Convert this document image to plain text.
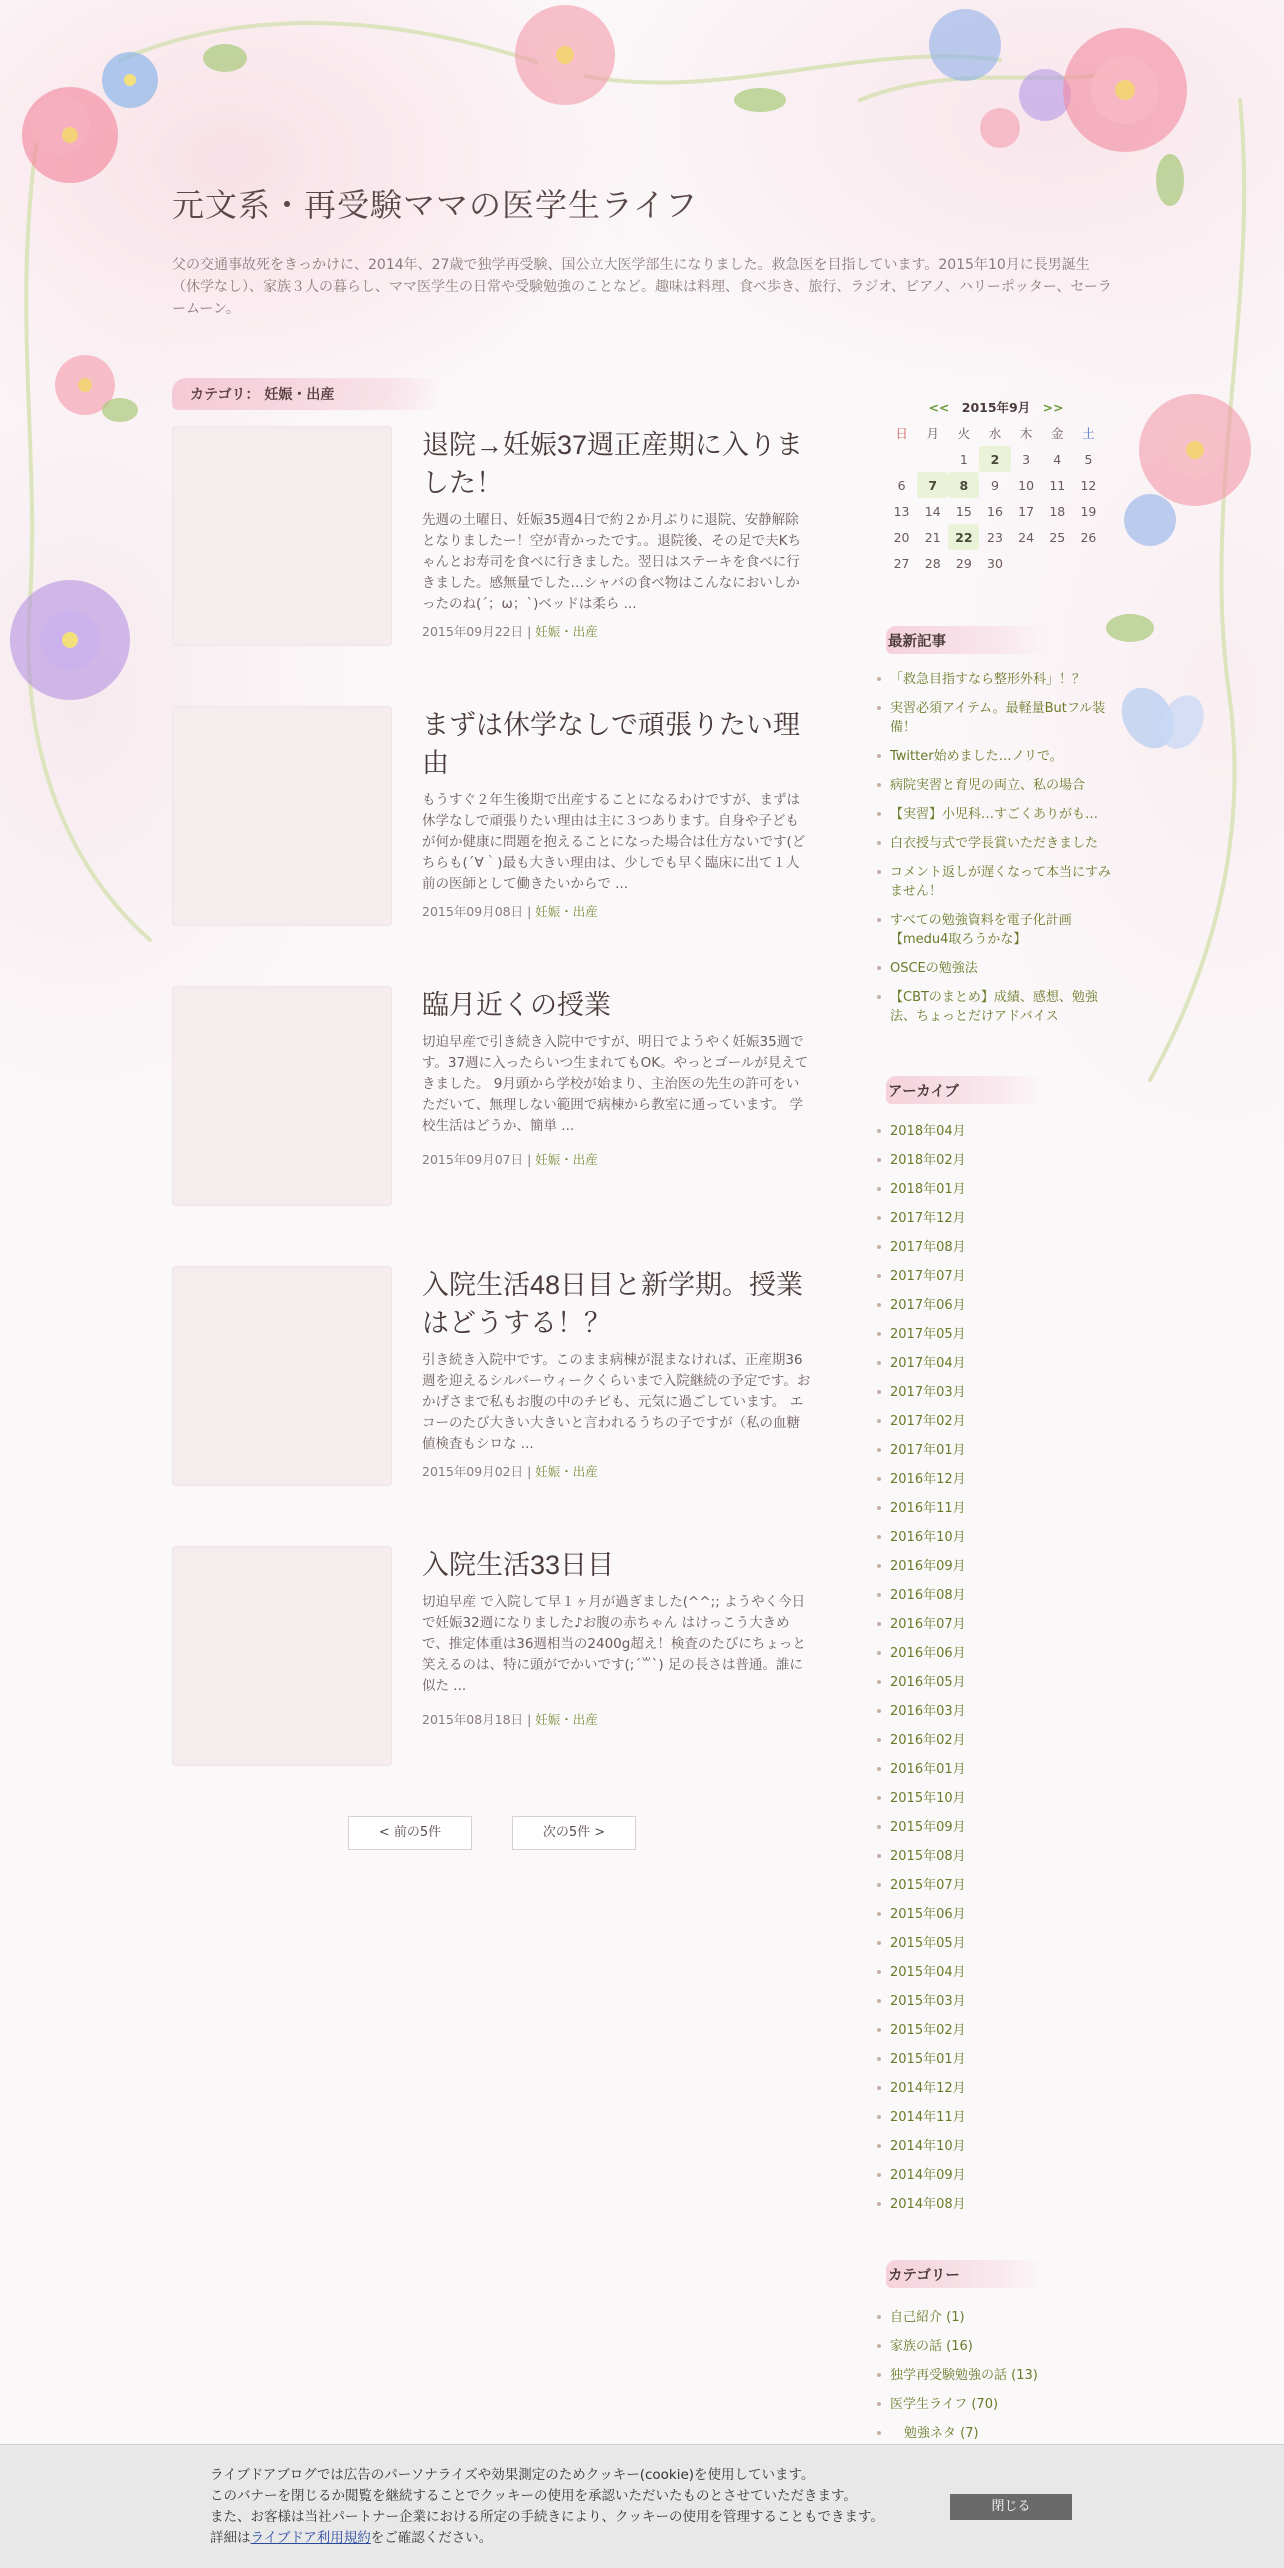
元文系・再受験ママの医学生ライフ
父の交通事故死をきっかけに、2014年、27歳で独学再受験、国公立大医学部生になりました。救急医を目指しています。2015年10月に長男誕生（休学なし）、家族３人の暮らし、ママ医学生の日常や受験勉強のことなど。趣味は料理、食べ歩き、旅行、ラジオ、ピアノ、ハリーポッター、セーラームーン。
カテゴリ： 妊娠・出産
退院→妊娠37週正産期に入りました！
先週の土曜日、妊娠35週4日で約２か月ぶりに退院、安静解除となりましたー！空が青かったです。。退院後、その足で夫Kちゃんとお寿司を食べに行きました。翌日はステーキを食べに行きました。感無量でした…シャバの食べ物はこんなにおいしかったのね(´；ω；`)ベッドは柔ら ...
2015年09月22日 | 妊娠・出産
まずは休学なしで頑張りたい理由
もうすぐ２年生後期で出産することになるわけですが、まずは休学なしで頑張りたい理由は主に３つあります。自身や子どもが何か健康に問題を抱えることになった場合は仕方ないです(どちらも(´∀｀)最も大きい理由は、少しでも早く臨床に出て１人前の医師として働きたいからで ...
2015年09月08日 | 妊娠・出産
臨月近くの授業
切迫早産で引き続き入院中ですが、明日でようやく妊娠35週です。37週に入ったらいつ生まれてもOK。やっとゴールが見えてきました。 9月頭から学校が始まり、主治医の先生の許可をいただいて、無理しない範囲で病棟から教室に通っています。 学校生活はどうか、簡単 ...
2015年09月07日 | 妊娠・出産
入院生活48日目と新学期。授業はどうする！？
引き続き入院中です。このまま病棟が混まなければ、正産期36週を迎えるシルバーウィークくらいまで入院継続の予定です。おかげさまで私もお腹の中のチビも、元気に過ごしています。 エコーのたび大きい大きいと言われるうちの子ですが（私の血糖値検査もシロな ...
2015年09月02日 | 妊娠・出産
入院生活33日目
切迫早産 で入院して早１ヶ月が過ぎました(^^;; ようやく今日で妊娠32週になりました♪お腹の赤ちゃん はけっこう大きめで、推定体重は36週相当の2400g超え！検査のたびにちょっと笑えるのは、特に頭がでかいです(;´꒳`) 足の長さは普通。誰に似た ...
2015年08月18日 | 妊娠・出産
< 前の5件	次の5件 >
<< 2015年9月 >>
日	月	火	水	木	金	土
		1	2	3	4	5
6	7	8	9	10	11	12
13	14	15	16	17	18	19
20	21	22	23	24	25	26
27	28	29	30			
最新記事
「救急目指すなら整形外科」！？
実習必須アイテム。最軽量Butフル装備！
Twitter始めました…ノリで。
病院実習と育児の両立、私の場合
【実習】小児科…すごくありがも…
白衣授与式で学長賞いただきました
コメント返しが遅くなって本当にすみません！
すべての勉強資料を電子化計画【medu4取ろうかな】
OSCEの勉強法
【CBTのまとめ】成績、感想、勉強法、ちょっとだけアドバイス
アーカイブ
2018年04月
2018年02月
2018年01月
2017年12月
2017年08月
2017年07月
2017年06月
2017年05月
2017年04月
2017年03月
2017年02月
2017年01月
2016年12月
2016年11月
2016年10月
2016年09月
2016年08月
2016年07月
2016年06月
2016年05月
2016年03月
2016年02月
2016年01月
2015年10月
2015年09月
2015年08月
2015年07月
2015年06月
2015年05月
2015年04月
2015年03月
2015年02月
2015年01月
2014年12月
2014年11月
2014年10月
2014年09月
2014年08月
カテゴリー
自己紹介 (1)
家族の話 (16)
独学再受験勉強の話 (13)
医学生ライフ (70)
勉強ネタ (7)
ライブドアブログでは広告のパーソナライズや効果測定のためクッキー(cookie)を使用しています。
このバナーを閉じるか閲覧を継続することでクッキーの使用を承認いただいたものとさせていただきます。
また、お客様は当社パートナー企業における所定の手続きにより、クッキーの使用を管理することもできます。
詳細はライブドア利用規約をご確認ください。
閉じる
